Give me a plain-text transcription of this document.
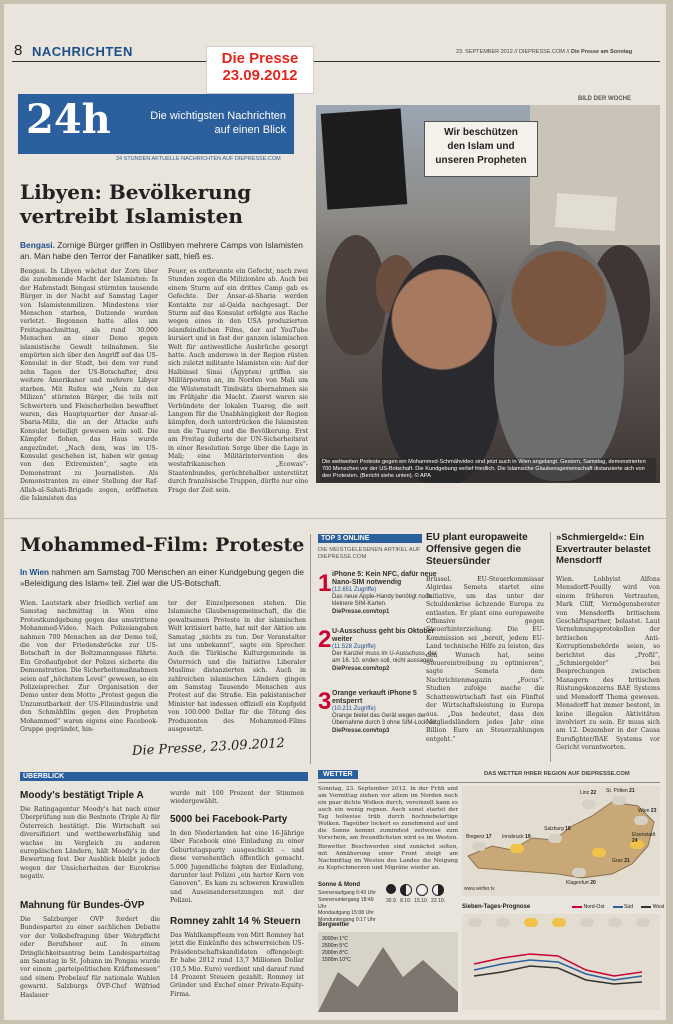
8 NACHRICHTEN	23. SEPTEMBER 2012 // DIEPRESSE.COM // Die Presse am Sonntag
Die Presse
23.09.2012
24h	Die wichtigsten Nachrichten
auf einen Blick
24 STUNDEN AKTUELLE NACHRICHTEN AUF DIEPRESSE.COM
Libyen: Bevölkerung
vertreibt Islamisten
Bengasi. Zornige Bürger griffen in Ostlibyen mehrere Camps von Islamisten an. Man habe den Terror der Fanatiker satt, hieß es.
Bengasi. In Libyen wächst der Zorn über die zunehmende Macht der Islamisten: In der Hafenstadt Bengasi stürmten tausende Bürger in der Nacht auf Samstag Lager von Islamistenmilizen. Mindestens vier Menschen starben, Dutzende wurden verletzt. Begonnen hatte alles am Freitagnachmittag, als rund 30.000 Menschen an einer Demo gegen islamistische Gewalt teilnahmen. Sie empörten sich über den Angriff auf das US-Konsulat in der Stadt, bei dem vor rund zehn Tagen der US-Botschafter, drei weitere Amerikaner und mehrere Libyer starben. Mit Rufen wie „Nein zu den Milizen“ stürmten Bürger, die teils mit Schwertern und Fleischerbeilen bewaffnet waren, das Hauptquartier der Ansar-al-Sharia-Miliz, die an der Attacke aufs Konsulat beteiligt gewesen sein soll. Die Kämpfer flohen, das Haus wurde angezündet. „Nach dem, was im US-Konsulat geschehen ist, haben wir genug von den Extremisten“, sagte ein Demonstrant zu Journalisten. Als Demonstranten zu einer Stellung der Raf-Allah-al-Sahati-Brigade zogen, eröffneten die Islamisten das
Feuer, es entbrannte ein Gefecht, nach zwei Stunden zogen die Milizionäre ab. Auch bei einem Sturm auf ein drittes Camp gab es Gefechte. Der Ansar-al-Sharia werden Kontakte zur al-Qaida nachgesagt. Der Sturm auf das Konsulat erfolgte aus Rache wegen eines in den USA produzierten islamfeindlichen Films, der auf YouTube kursiert und in fast der ganzen islamischen Welt für antiwestliche Ausbrüche gesorgt hatte. Auch anderswo in der Region rüsten sich zuletzt militante Islamisten ein: Auf der Halbinsel Sinai (Ägypten) griffen sie Militärposten an, im Norden von Mali um die Wüstenstadt Timbuktu übernahmen sie im Frühjahr die Macht. Zuerst waren sie Verbündete der lokalen Tuareg, die seit Langem für die Unabhängigkeit der Region kämpfen, doch unterdrücken die Islamisten nun die Tuareg und die Bevölkerung. Erst am Freitag äußerte der UN-Sicherheitsrat in einer Resolution Sorge über die Lage in Mali; eine Militärintervention des westafrikanischen „Ecowas“-Staatenbundes, gerüchtehalber unterstützt durch französische Truppen, dürfte nur eine Frage der Zeit sein.
BILD DER WOCHE
Wir beschützen
den Islam und
unseren Propheten
Die weltweiten Proteste gegen ein Mohammed-Schmähvideo sind jetzt auch in Wien angelangt. Gestern, Samstag, demonstrierten 700 Menschen vor der US-Botschaft. Die Kundgebung verlief friedlich. Die Islamische Glaubensgemeinschaft distanzierte sich von den Protesten. (Bericht siehe unten). © APA
Mohammed-Film: Proteste
In Wien nahmen am Samstag 700 Menschen an einer Kundgebung gegen die »Beleidigung des Islam« teil. Ziel war die US-Botschaft.
Wien. Lautstark aber friedlich verlief am Samstag nachmittag in Wien eine Protestkundgebung gegen das umstrittene Mohammed-Video. Nach Polizeiangaben nahmen 700 Menschen an der Demo teil, die von der Friedensbrücke zur US-Botschaft in der Boltzmanngasse führte. Ein Großaufgebot der Polizei sicherte die Demonstration. Die Sicherheitsmaßnahmen seien auf „höchstem Level“ gewesen, so ein Polizeisprecher. Zur Organisation der Demo unter dem Motto „Protest gegen die Unzumutbarkeit der US-Filmindustrie und den Schmähfilm gegen den Propheten Mohammed“ waren eigens eine Facebook-Gruppe gegründet, hin-
ter der Einzelpersonen stehen. Die Islamische Glaubensgemeinschaft, die die gewaltsamen Proteste in der islamischen Welt kritisiert hatte, hat mit der Aktion am Samstag „nichts zu tun. Der Veranstalter ist uns unbekannt“, sagte ein Sprecher. Auch die Türkische Kulturgemeinde in Österreich und die Initiative Liberaler Muslime distanzierten sich. Auch in zahlreichen islamischen Ländern gingen am Samstag Tausende Menschen aus Protest auf die Straße. Ein pakistanischer Minister hat indessen offiziell ein Kopfgeld von 100.000 Dollar für die Tötung des Produzenten des Mohammed-Films ausgesetzt.
Die Presse, 23.09.2012
TOP 3 ONLINE
DIE MEISTGELESENEN ARTIKEL AUF DIEPRESSE.COM
1 iPhone 5: Kein NFC, dafür neue Nano-SIM notwendig
(12.651 Zugriffe)
Das neue Apple-Handy benötigt noch kleinere SIM-Karten.
DiePresse.com/top1
2 U-Ausschuss geht bis Oktober weiter
(11.528 Zugriffe)
Der Kanzler muss im U-Ausschuss, der am 16. 10. enden soll, nicht aussagen.
DiePresse.com/top2
3 Orange verkauft iPhone 5 entsperrt
(10.211 Zugriffe)
Orange bietet das Gerät wegen der Übernahme durch 3 ohne SIM-Lock an.
DiePresse.com/top3
EU plant europaweite Offensive gegen die Steuersünder
Brüssel. EU-Steuerkommissar Algirdas Semeta startet eine Initiative, um das unter der Schuldenkrise ächzende Europa zu entlasten. Er plant eine europaweite Offensive gegen Steuerhinterziehung. Die EU-Kommission sei „bereit, jedem EU-Land technische Hilfe zu leisten, das den Wunsch hat, seine Steuereintreibung zu optimieren“, sagte Semeta dem Nachrichtenmagazin „Focus“. Studien zufolge mache die Schattenwirtschaft fast ein Fünftel der Wirtschaftsleistung in Europa aus. „Das bedeutet, dass den Mitgliedsländern jedes Jahr eine Billion Euro an Steuerzahlungen entgeht.“
»Schmiergeld«: Ein Exvertrauter belastet Mensdorff
Wien. Lobbyist Alfons Mensdorff-Pouilly wird von einem früheren Vertrauten, Mark Cliff, Vermögensberater von Mensdorffs britischem Geschäftspartner, belastet. Laut Vernehmungsprotokollen der britischen Anti-Korruptionsbehörde seien, so berichtet das „Profil“, „Schmiergelder“ bei Besprechungen zwischen Managern des britischen Rüstungskonzerns BAE Systems und Mensdorff Thema gewesen. Mensdorff hat immer bestont, in keine illegalen Aktivitäten involviert zu sein. Er muss sich am 12. Dezember in der Causa Eurofighter/BAE Systems vor Gericht verantworten.
ÜBERBLICK
Moody's bestätigt Triple A
Die Ratingagentur Moody's hat nach einer Überprüfung nun die Bestnote (Triple A) für Österreich bestätigt. Die Wirtschaft sei diversifiziert und wettbewerbsfähig und wachse im Vergleich zu anderen europäischen Ländern, hält Moody's in der Bewertung fest. Der Ausblick bleibt jedoch wegen der Unsicherheiten der Eurokrise negativ.
Mahnung für Bundes-ÖVP
Die Salzburger ÖVP fordert die Bundespartei zu einer sachlichen Debatte vor der Volksbefragung über Wehrpflicht oder Berufsheer auf. In einem Dringlichkeitsantrag beim Landesparteitag am Samstag in St. Johann im Pongau wurde vor einem „parteipolitischen Kräftemessen“ und einem Probelauf für nationale Wahlen gewarnt. Salzburgs ÖVP-Chef Wilfried Haslauer
wurde mit 100 Prozent der Stimmen wiedergewählt.
5000 bei Facebook-Party
In den Niederlanden hat eine 16-Jährige über Facebook eine Einladung zu einer Geburtstagsparty ausgeschickt – und diese versehentlich öffentlich gemacht. 5.000 Jugendliche folgten der Einladung, darunter laut Polizei „ein harter Kern von Ganoven“. Es kam zu schweren Krawallen und Auseinandersetzungen mit der Polizei.
Romney zahlt 14 % Steuern
Das Wahlkampfteam von Mitt Romney hat jetzt die Einkünfte des schwerreichen US-Präsidentschaftskandidaten offengelegt: Er habe 2012 rund 13,7 Millionen Dollar (10,5 Mio. Euro) verdient und darauf rund 14 Prozent Steuern gezahlt. Romney ist Gründer und Exchef einer Private-Equity-Firma.
WETTER	DAS WETTER IHRER REGION AUF DIEPRESSE.COM
Sonntag, 23. September 2012. In der Früh und am Vormittag ziehen vor allem im Norden noch ein paar dichte Wolken durch, vereinzelt kann es auch ein wenig regnen. Auch sonst startet der Tag teilweise trüb durch hochnebelartige Wolken. Tagsüber lockert es zunehmend auf und die Sonne kommt zumindest zeitweise zum Vorschein, am freundlichsten wird es im Westen.
Biowetter. Beschwerden sind zunächst selten, mit Annäherung einer Front steigt am Nachmittag im Westen des Landes die Neigung zu Kopfschmerzen und Migräne wieder an.
Sonne & Mond
Sonnenaufgang 6:43 Uhr
Sonnenuntergang 18:49 Uhr
Mondaufgang 15:08 Uhr
Monduntergang 0:17 Uhr
30.9. 8.10. 15.10. 22.10.
Bergwetter
3000m 1°C
2500m 5°C
2000m 8°C
1500m 10°C
Linz 22 St. Pölten 21
Wien 23
Bregenz 17 Innsbruck 19
Salzburg 18
Graz 21
Klagenfurt 20
Eisenstadt 24
www.wetter.tv
Sieben-Tages-Prognose	Nord-Ost	Süd	West
